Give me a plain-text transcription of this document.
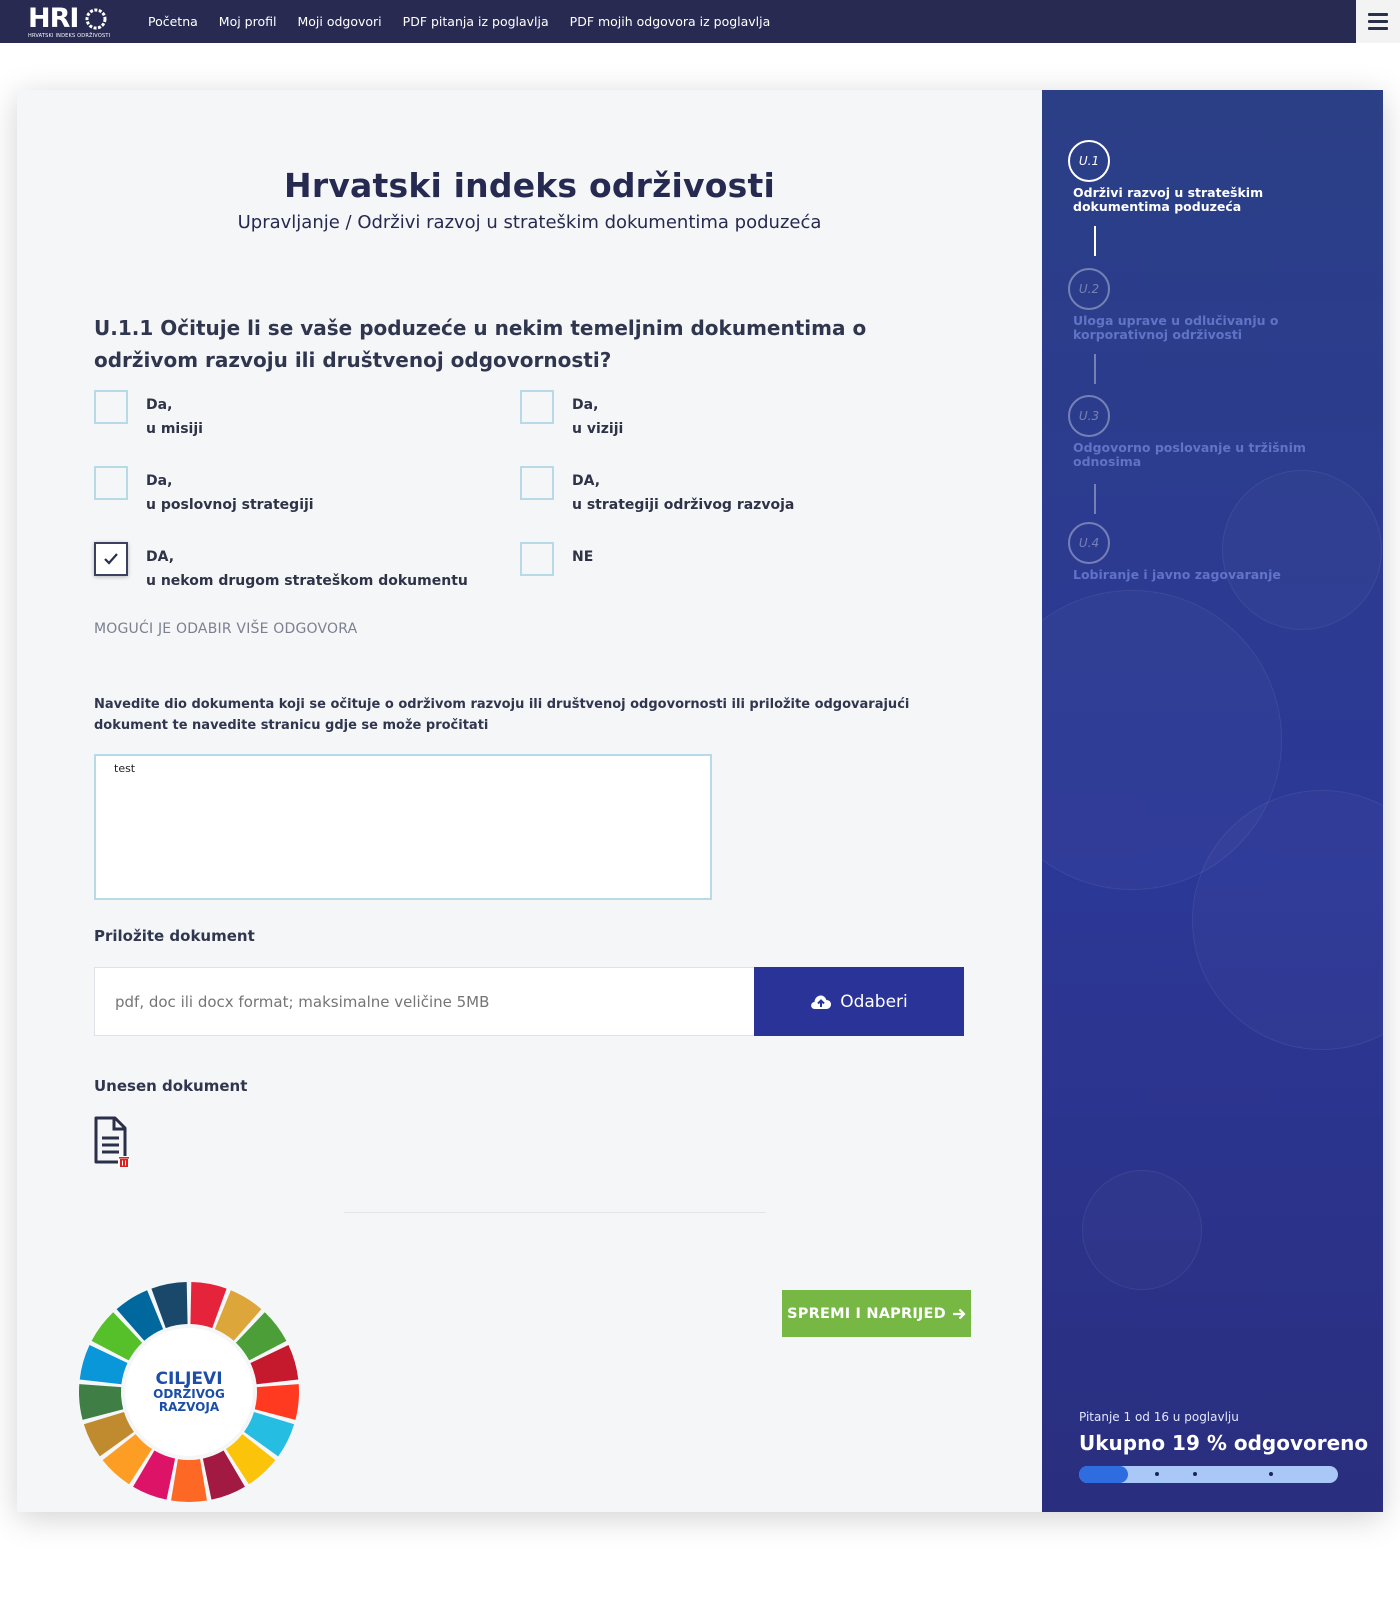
HRI
HRVATSKI INDEKS ODRŽIVOSTI
Početna Moj profil Moji odgovori PDF pitanja iz poglavlja PDF mojih odgovora iz poglavlja
Hrvatski indeks održivosti
Upravljanje / Održivi razvoj u strateškim dokumentima poduzeća
U.1.1 Očituje li se vaše poduzeće u nekim temeljnim dokumentima o održivom razvoju ili društvenoj odgovornosti?
Da,
u misiji
Da,
u viziji
Da,
u poslovnoj strategiji
DA,
u strategiji održivog razvoja
DA,
u nekom drugom strateškom dokumentu
NE
MOGUĆI JE ODABIR VIŠE ODGOVORA
Navedite dio dokumenta koji se očituje o održivom razvoju ili društvenoj odgovornosti ili priložite odgovarajući dokument te navedite stranicu gdje se može pročitati
test
Priložite dokument
pdf, doc ili docx format; maksimalne veličine 5MB
Odaberi
Unesen dokument
SPREMI I NAPRIJED
CILJEVI
ODRŽIVOG
RAZVOJA
U.1
Održivi razvoj u strateškim dokumentima poduzeća
U.2
Uloga uprave u odlučivanju o korporativnoj održivosti
U.3
Odgovorno poslovanje u tržišnim odnosima
U.4
Lobiranje i javno zagovaranje
Pitanje 1 od 16 u poglavlju
Ukupno 19 % odgovoreno
